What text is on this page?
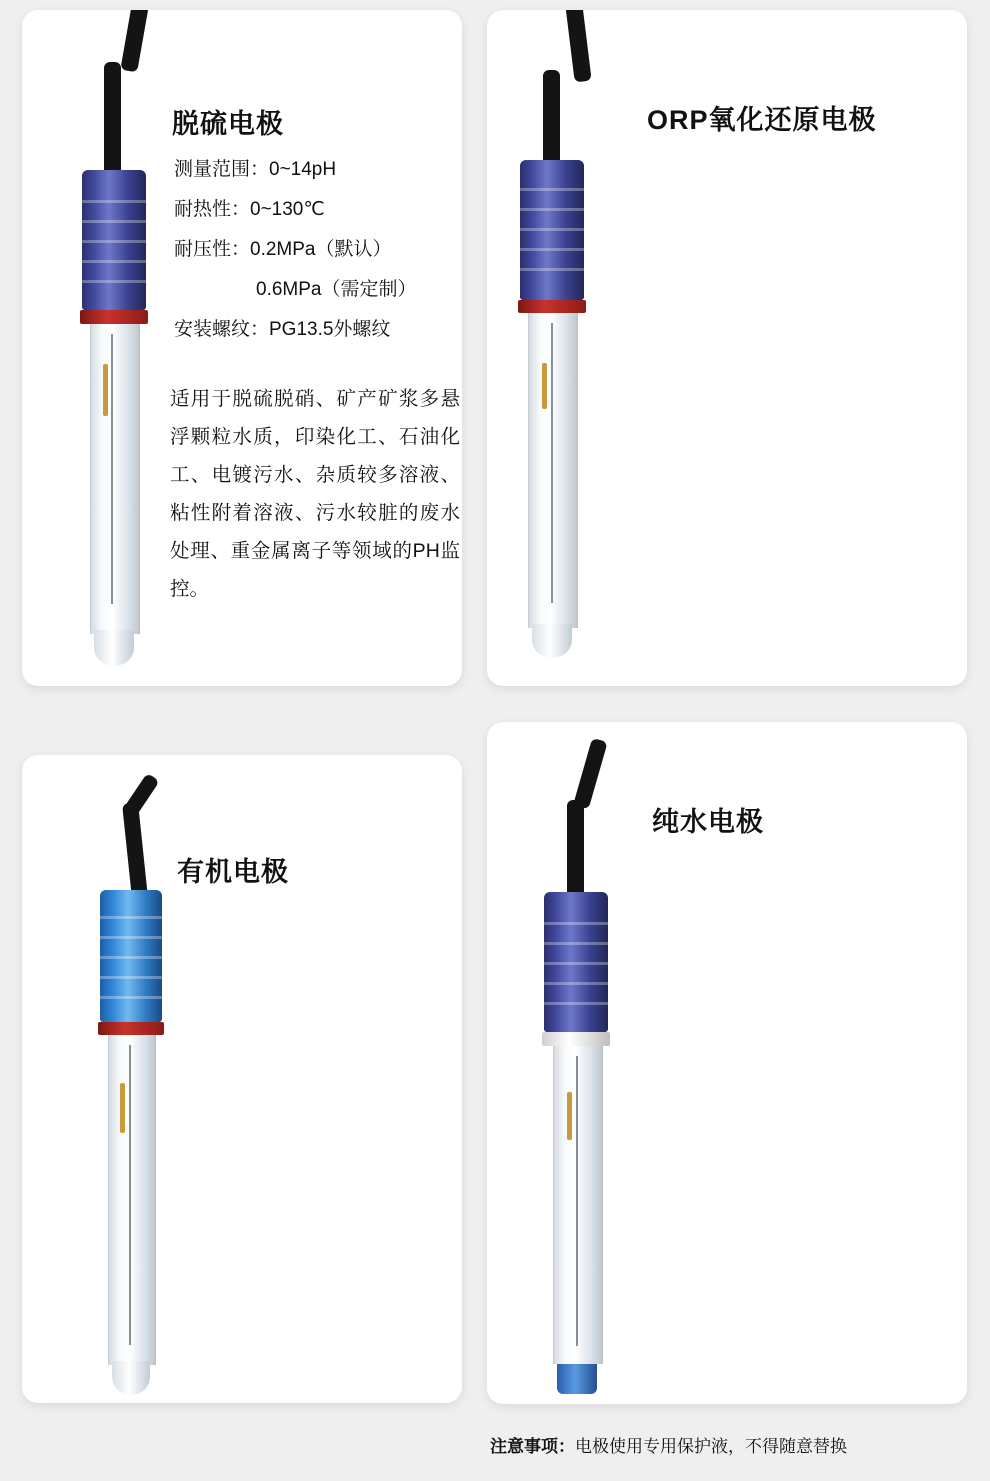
脱硫电极
测量范围：0~14pH
耐热性：0~130℃
耐压性：0.2MPa（默认）
0.6MPa（需定制）
安装螺纹：PG13.5外螺纹
适用于脱硫脱硝、矿产矿浆多悬浮颗粒水质，印染化工、石油化工、电镀污水、杂质较多溶液、粘性附着溶液、污水较脏的废水处理、重金属离子等领域的PH监控。
ORP氧化还原电极
有机电极
纯水电极
注意事项：电极使用专用保护液，不得随意替换
